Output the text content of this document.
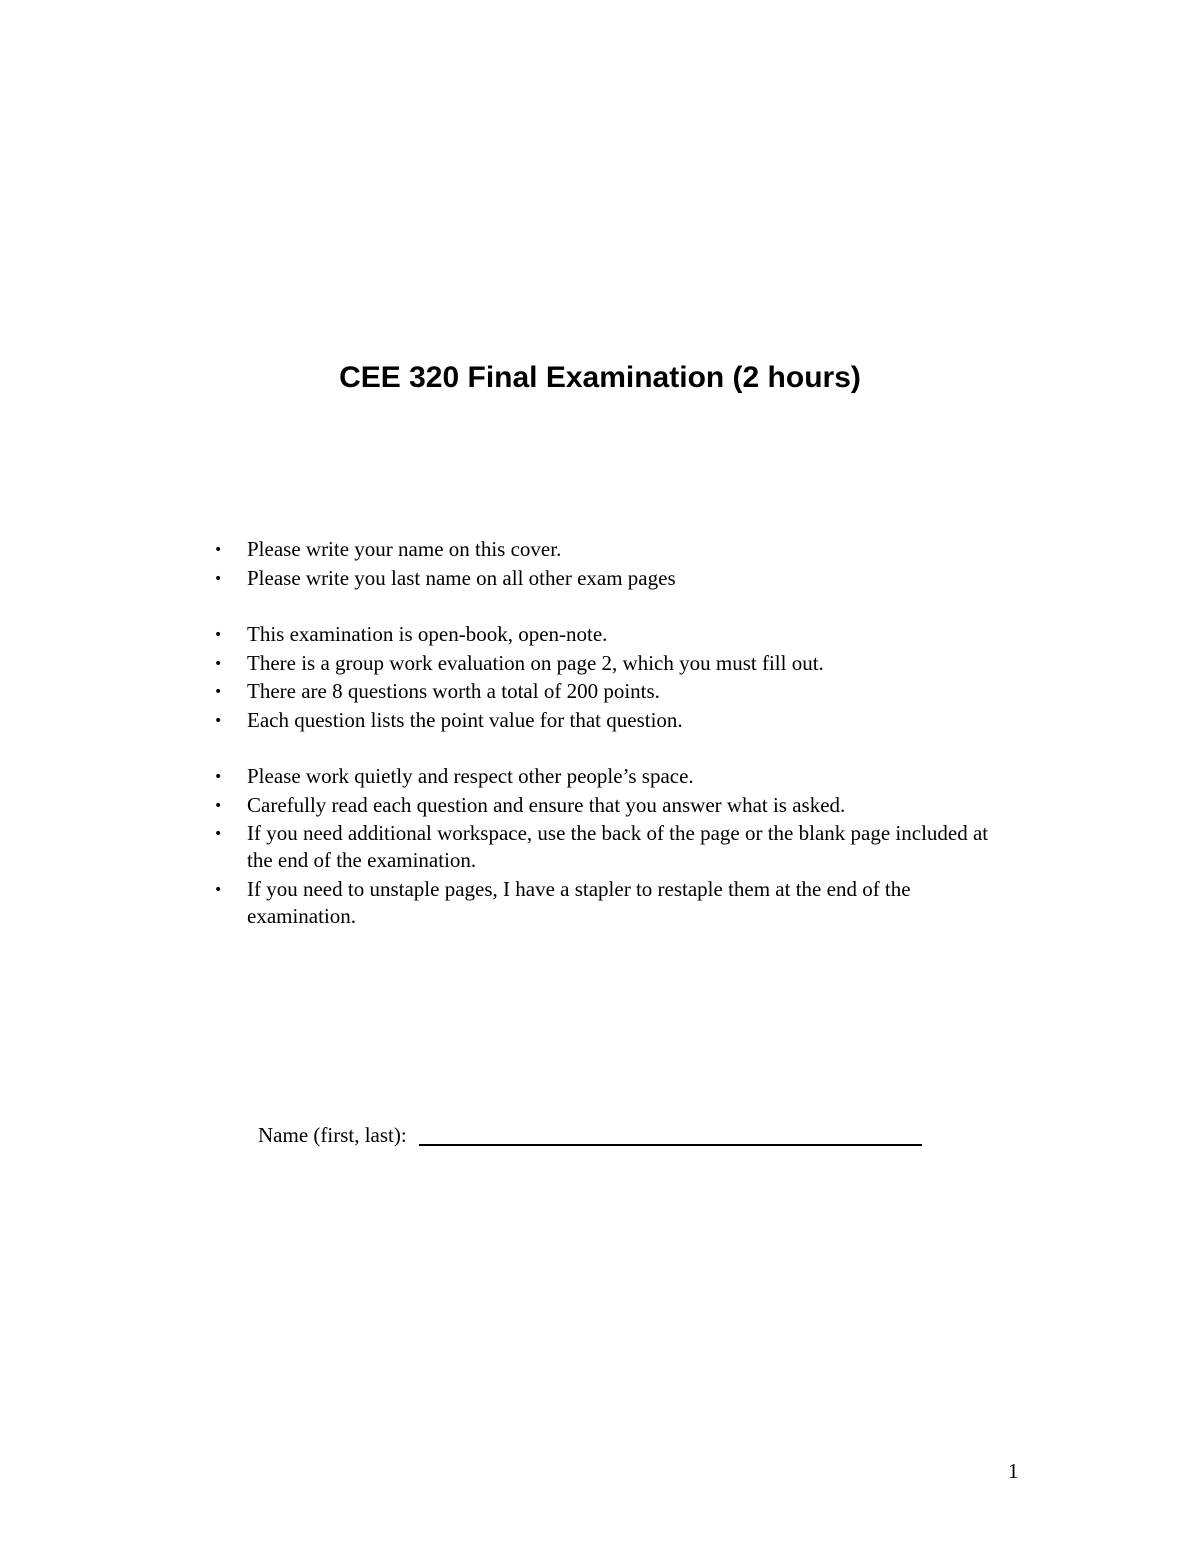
CEE 320 Final Examination (2 hours)
•	Please write your name on this cover.
•	Please write you last name on all other exam pages
•	This examination is open-book, open-note.
•	There is a group work evaluation on page 2, which you must fill out.
•	There are 8 questions worth a total of 200 points.
•	Each question lists the point value for that question.
•	Please work quietly and respect other people’s space.
•	Carefully read each question and ensure that you answer what is asked.
•	If you need additional workspace, use the back of the page or the blank page included at the end of the examination.
•	If you need to unstaple pages, I have a stapler to restaple them at the end of the examination.
Name (first, last):
1
